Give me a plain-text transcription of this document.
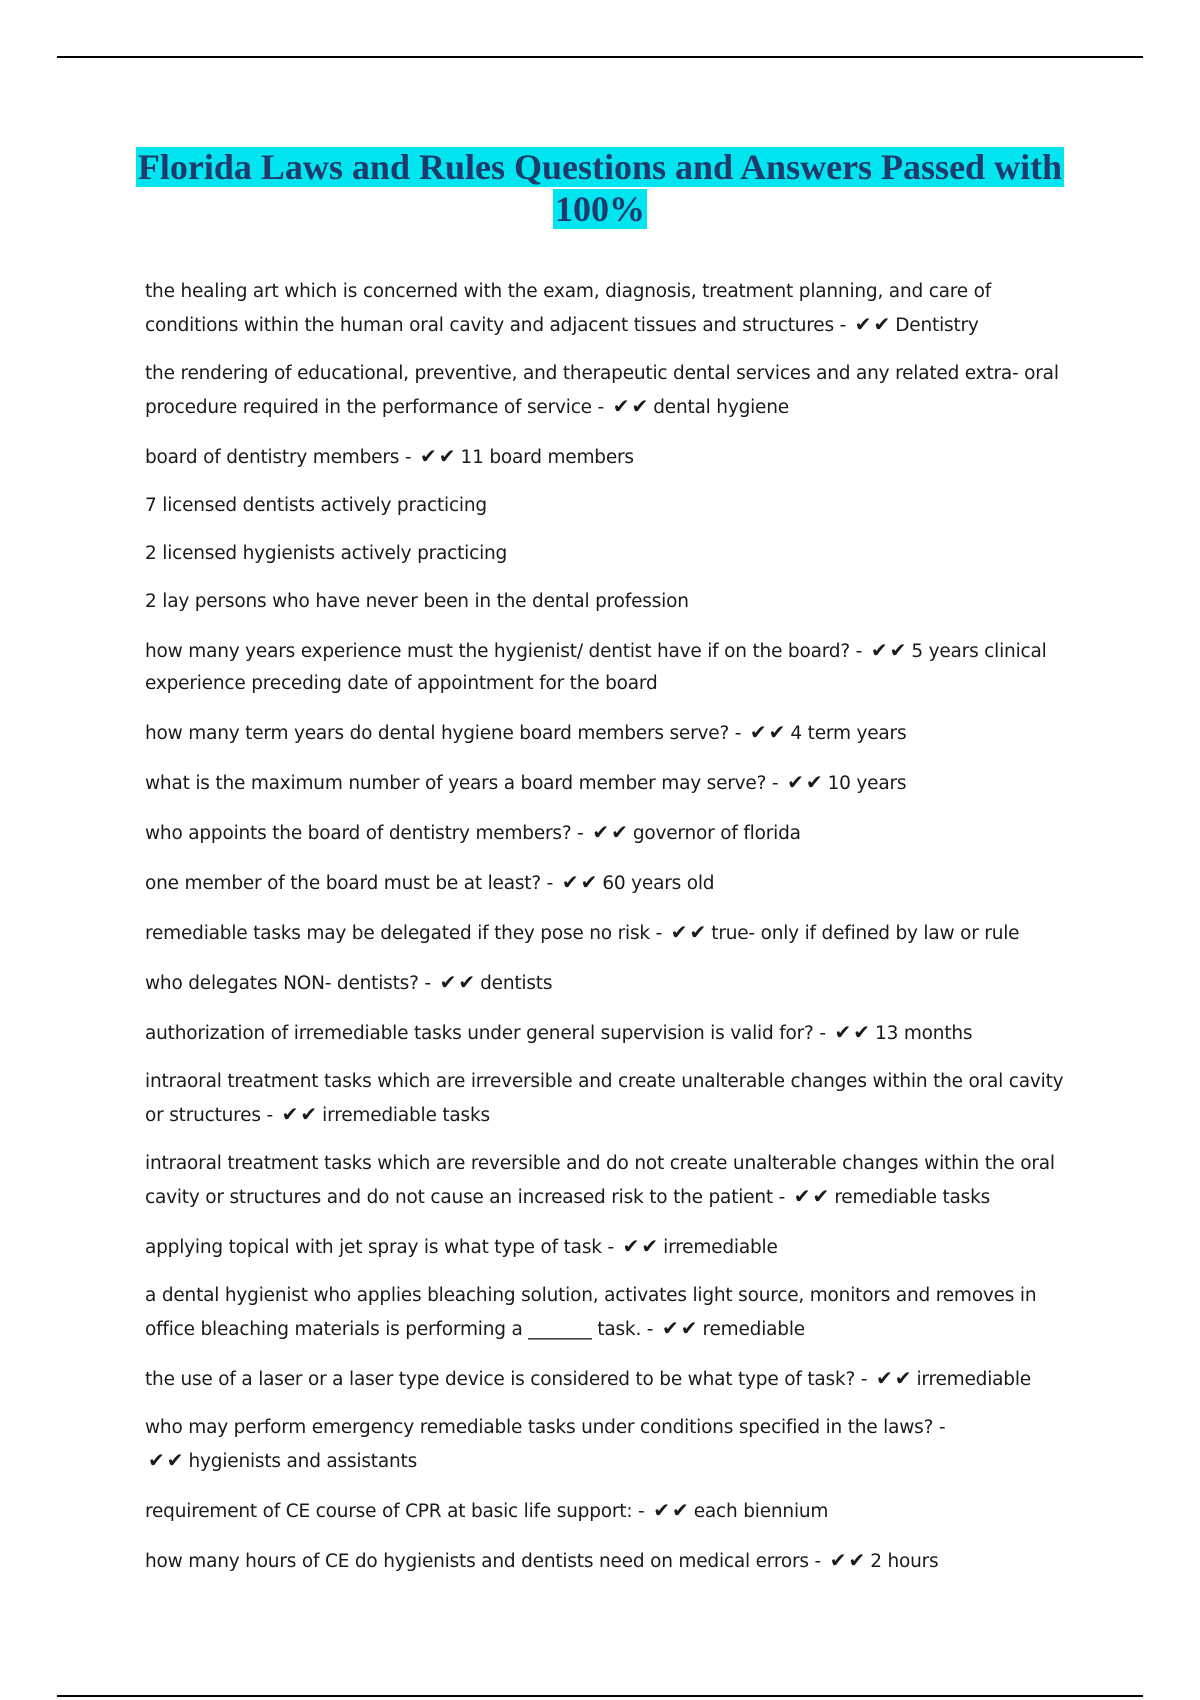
Florida Laws and Rules Questions and Answers Passed with 100%

the healing art which is concerned with the exam, diagnosis, treatment planning, and care of conditions within the human oral cavity and adjacent tissues and structures - ✔✔ Dentistry

the rendering of educational, preventive, and therapeutic dental services and any related extra- oral procedure required in the performance of service - ✔✔ dental hygiene

board of dentistry members - ✔✔ 11 board members

7 licensed dentists actively practicing

2 licensed hygienists actively practicing

2 lay persons who have never been in the dental profession

how many years experience must the hygienist/ dentist have if on the board? - ✔✔ 5 years clinical experience preceding date of appointment for the board

how many term years do dental hygiene board members serve? - ✔✔ 4 term years

what is the maximum number of years a board member may serve? - ✔✔ 10 years

who appoints the board of dentistry members? - ✔✔ governor of florida

one member of the board must be at least? - ✔✔ 60 years old

remediable tasks may be delegated if they pose no risk - ✔✔ true- only if defined by law or rule

who delegates NON- dentists? - ✔✔ dentists

authorization of irremediable tasks under general supervision is valid for? - ✔✔ 13 months

intraoral treatment tasks which are irreversible and create unalterable changes within the oral cavity or structures - ✔✔ irremediable tasks

intraoral treatment tasks which are reversible and do not create unalterable changes within the oral cavity or structures and do not cause an increased risk to the patient - ✔✔ remediable tasks

applying topical with jet spray is what type of task - ✔✔ irremediable

a dental hygienist who applies bleaching solution, activates light source, monitors and removes in office bleaching materials is performing a _______ task. - ✔✔ remediable

the use of a laser or a laser type device is considered to be what type of task? - ✔✔ irremediable

who may perform emergency remediable tasks under conditions specified in the laws? - ✔✔ hygienists and assistants

requirement of CE course of CPR at basic life support: - ✔✔ each biennium

how many hours of CE do hygienists and dentists need on medical errors - ✔✔ 2 hours
